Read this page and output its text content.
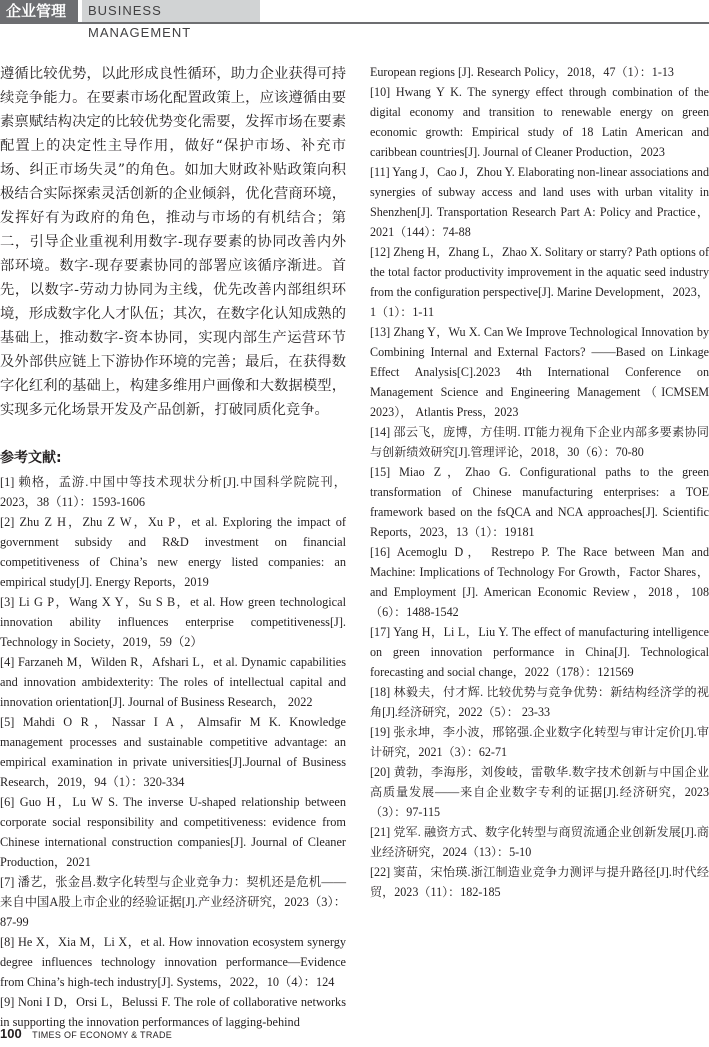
企业管理	BUSINESS MANAGEMENT

遵循比较优势，以此形成良性循环，助力企业获得可持续竞争能力。在要素市场化配置政策上，应该遵循由要素禀赋结构决定的比较优势变化需要，发挥市场在要素配置上的决定性主导作用，做好“保护市场、补充市场、纠正市场失灵”的角色。如加大财政补贴政策向积极结合实际探索灵活创新的企业倾斜，优化营商环境，发挥好有为政府的角色，推动与市场的有机结合；第二，引导企业重视利用数字-现存要素的协同改善内外部环境。数字-现存要素协同的部署应该循序渐进。首先，以数字-劳动力协同为主线，优先改善内部组织环境，形成数字化人才队伍；其次，在数字化认知成熟的基础上，推动数字-资本协同，实现内部生产运营环节及外部供应链上下游协作环境的完善；最后，在获得数字化红利的基础上，构建多维用户画像和大数据模型，实现多元化场景开发及产品创新，打破同质化竞争。

参考文献:

[1] 赖格，孟游.中国中等技术现状分析[J].中国科学院院刊，2023，38（11）：1593-1606

[2] Zhu Z H，Zhu Z W，Xu P，et al. Exploring the impact of government subsidy and R&D investment on financial competitiveness of China’s new energy listed companies: an empirical study[J]. Energy Reports，2019

[3] Li G P，Wang X Y，Su S B，et al. How green technological innovation ability influences enterprise competitiveness[J]. Technology in Society，2019，59（2）

[4] Farzaneh M，Wilden R，Afshari L，et al. Dynamic capabilities and innovation ambidexterity: The roles of intellectual capital and innovation orientation[J]. Journal of Business Research， 2022

[5] Mahdi O R，Nassar I A，Almsafir M K. Knowledge management processes and sustainable competitive advantage: an empirical examination in private universities[J].Journal of Business Research，2019，94（1）：320-334

[6] Guo H，Lu W S. The inverse U-shaped relationship between corporate social responsibility and competitiveness: evidence from Chinese international construction companies[J]. Journal of Cleaner Production，2021

[7] 潘艺，张金昌.数字化转型与企业竞争力：契机还是危机——来自中国A股上市企业的经验证据[J].产业经济研究，2023（3）：87-99

[8] He X，Xia M，Li X，et al. How innovation ecosystem synergy degree influences technology innovation performance—Evidence from China’s high-tech industry[J]. Systems，2022，10（4）：124

[9] Noni I D，Orsi L，Belussi F. The role of collaborative networks in supporting the innovation performances of lagging-behind

European regions [J]. Research Policy，2018，47（1）：1-13

[10] Hwang Y K. The synergy effect through combination of the digital economy and transition to renewable energy on green economic growth: Empirical study of 18 Latin American and caribbean countries[J]. Journal of Cleaner Production，2023

[11] Yang J，Cao J，Zhou Y. Elaborating non-linear associations and synergies of subway access and land uses with urban vitality in Shenzhen[J]. Transportation Research Part A: Policy and Practice，2021（144）：74-88

[12] Zheng H，Zhang L，Zhao X. Solitary or starry? Path options of the total factor productivity improvement in the aquatic seed industry from the configuration perspective[J]. Marine Development，2023，1（1）：1-11

[13] Zhang Y，Wu X. Can We Improve Technological Innovation by Combining Internal and External Factors? ——Based on Linkage Effect Analysis[C].2023 4th International Conference on Management Science and Engineering Management（ICMSEM 2023）， Atlantis Press，2023

[14] 邵云飞，庞博，方佳明. IT能力视角下企业内部多要素协同与创新绩效研究[J].管理评论，2018，30（6）：70-80

[15] Miao Z，Zhao G. Configurational paths to the green transformation of Chinese manufacturing enterprises: a TOE framework based on the fsQCA and NCA approaches[J]. Scientific Reports，2023，13（1）：19181

[16] Acemoglu D， Restrepo P. The Race between Man and Machine: Implications of Technology For Growth，Factor Shares，and Employment [J]. American Economic Review，2018，108（6）：1488-1542

[17] Yang H，Li L，Liu Y. The effect of manufacturing intelligence on green innovation performance in China[J]. Technological forecasting and social change，2022（178）：121569

[18] 林毅夫，付才辉. 比较优势与竞争优势：新结构经济学的视角[J].经济研究，2022（5）： 23-33

[19] 张永坤，李小波，邢铭强.企业数字化转型与审计定价[J].审计研究，2021（3）：62-71

[20] 黄勃，李海彤，刘俊岐，雷敬华.数字技术创新与中国企业高质量发展——来自企业数字专利的证据[J].经济研究，2023（3）：97-115

[21] 党军. 融资方式、数字化转型与商贸流通企业创新发展[J].商业经济研究，2024（13）：5-10

[22] 窦苗，宋怡瑛.浙江制造业竞争力测评与提升路径[J].时代经贸，2023（11）：182-185

100 TIMES OF ECONOMY & TRADE
